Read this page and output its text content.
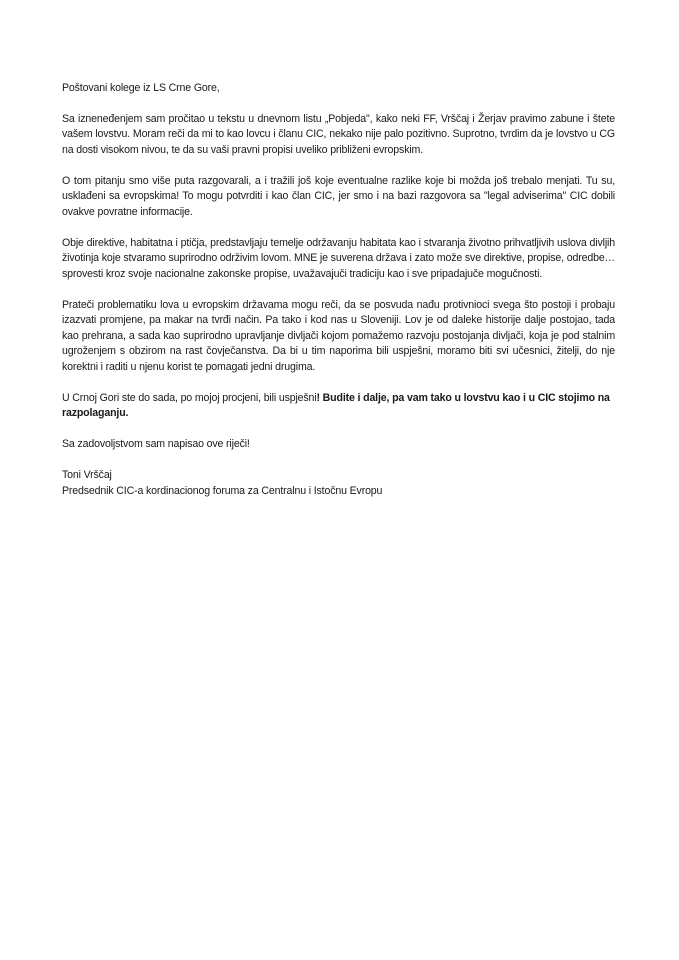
Poštovani kolege iz LS Crne Gore,

Sa izneneđenjem sam pročitao u tekstu u dnevnom listu „Pobjeda", kako neki FF, Vrščaj i Žerjav pravimo zabune i štete vašem lovstvu. Moram reči da mi to kao lovcu i članu CIC, nekako nije palo pozitivno. Suprotno, tvrdim da je lovstvo u CG na dosti visokom nivou, te da su vaši pravni propisi uveliko približeni evropskim.

O tom pitanju smo više puta razgovarali, a i tražili još koje eventualne razlike koje bi možda još trebalo menjati. Tu su, usklađeni sa evropskima! To mogu potvrditi i kao član CIC, jer smo i na bazi razgovora sa "legal adviserima" CIC dobili ovakve povratne informacije.

Obje direktive, habitatna i ptičja, predstavljaju temelje održavanju habitata kao i stvaranja životno prihvatljivih uslova divljih životinja koje stvaramo suprirodno održivim lovom. MNE je suverena država i zato može sve direktive, propise, odredbe… sprovesti kroz svoje nacionalne zakonske propise, uvažavajuči tradiciju kao i sve pripadajuče mogučnosti.

Prateči problematiku lova u evropskim državama mogu reči, da se posvuda nađu protivnioci svega što postoji i probaju izazvati promjene, pa makar na tvrđi način. Pa tako i kod nas u Sloveniji. Lov je od daleke historije dalje postojao, tada kao prehrana, a sada kao suprirodno upravljanje divljači kojom pomažemo razvoju postojanja divljači, koja je pod stalnim ugroženjem s obzirom na rast čovječanstva. Da bi u tim naporima bili uspješni, moramo biti svi učesnici, žitelji, do nje korektni i raditi u njenu korist te pomagati jedni drugima.

U Crnoj Gori ste do sada, po mojoj procjeni, bili uspješni! Budite i dalje, pa vam tako u lovstvu kao i u CIC stojimo na razpolaganju.

Sa zadovoljstvom sam napisao ove riječi!

Toni Vrščaj
Predsednik CIC-a kordinacionog foruma za Centralnu i Istočnu Evropu
